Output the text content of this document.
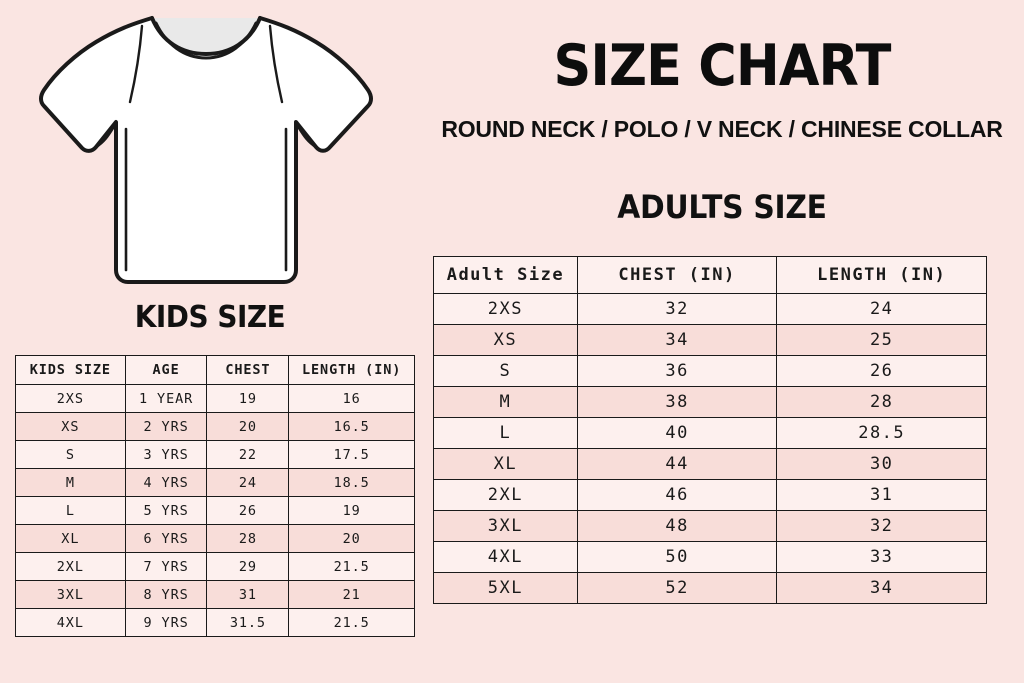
KIDS SIZE
SIZE CHART
ROUND NECK / POLO / V NECK / CHINESE COLLAR
ADULTS SIZE
Adult Size	CHEST (IN)	LENGTH (IN)
2XS	32	24
XS	34	25
S	36	26
M	38	28
L	40	28.5
XL	44	30
2XL	46	31
3XL	48	32
4XL	50	33
5XL	52	34
KIDS SIZE	AGE	CHEST	LENGTH (IN)
2XS	1 YEAR	19	16
XS	2 YRS	20	16.5
S	3 YRS	22	17.5
M	4 YRS	24	18.5
L	5 YRS	26	19
XL	6 YRS	28	20
2XL	7 YRS	29	21.5
3XL	8 YRS	31	21
4XL	9 YRS	31.5	21.5
